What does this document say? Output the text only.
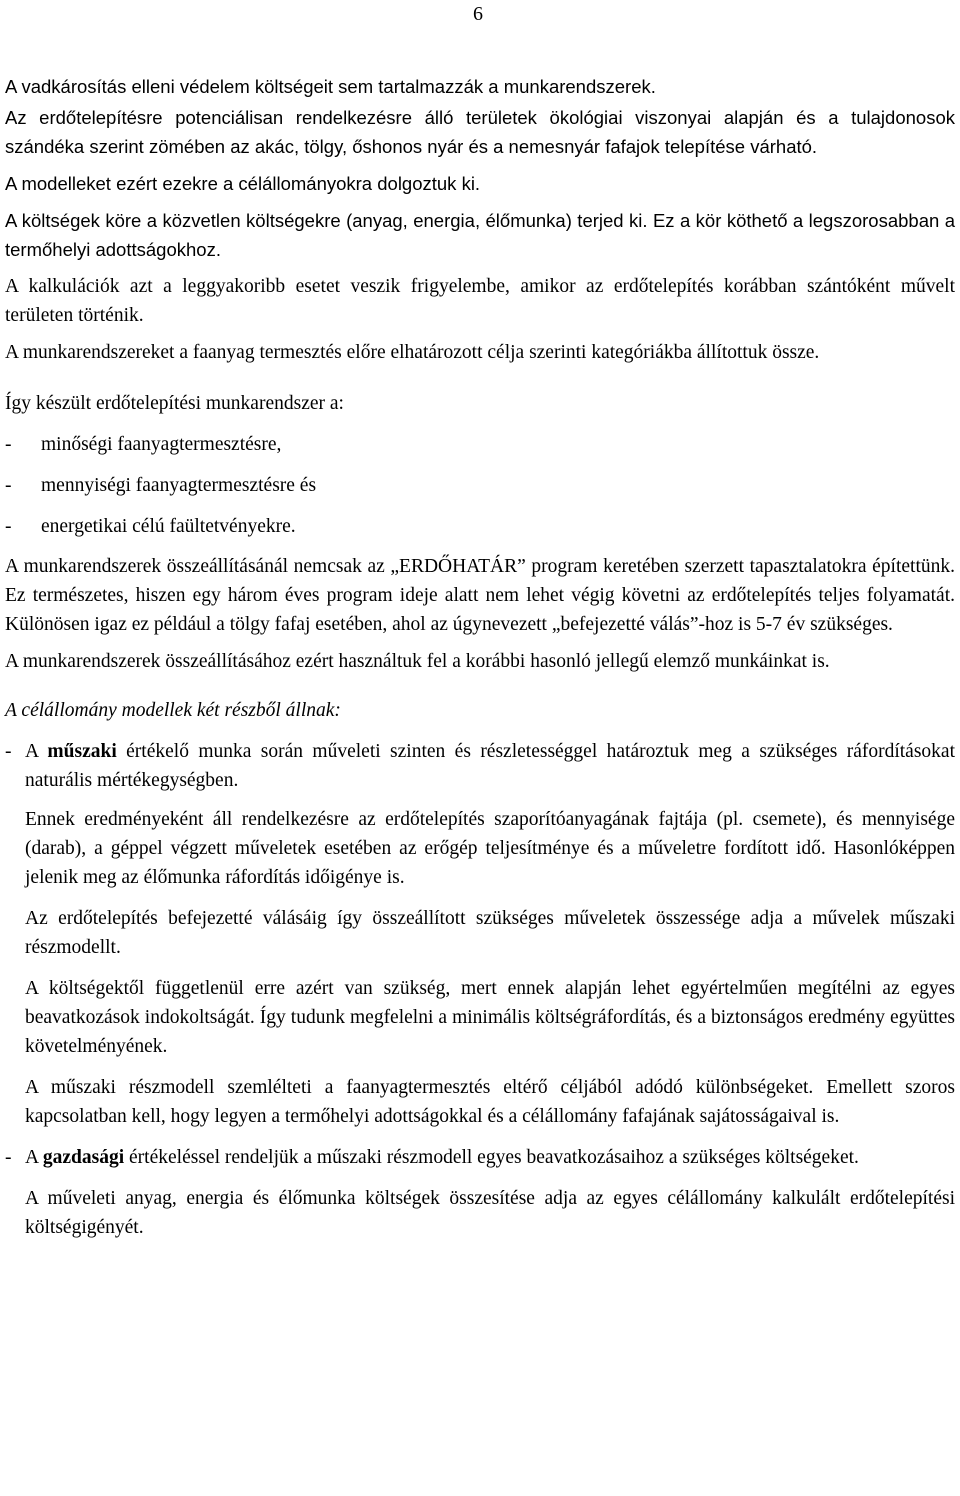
6

A vadkárosítás elleni védelem költségeit sem tartalmazzák a munkarendszerek.

Az erdőtelepítésre potenciálisan rendelkezésre álló területek ökológiai viszonyai alapján és a tulajdonosok szándéka szerint zömében az akác, tölgy, őshonos nyár és a nemesnyár fafajok telepítése várható.

A modelleket ezért ezekre a célállományokra dolgoztuk ki.

A költségek köre a közvetlen költségekre (anyag, energia, élőmunka) terjed ki. Ez a kör köthető a legszorosabban a termőhelyi adottságokhoz.

A kalkulációk azt a leggyakoribb esetet veszik frigyelembe, amikor az erdőtelepítés korábban szántóként művelt területen történik.

A munkarendszereket a faanyag termesztés előre elhatározott célja szerinti kategóriákba állítottuk össze.

Így készült erdőtelepítési munkarendszer a:

-	minőségi faanyagtermesztésre,
-	mennyiségi faanyagtermesztésre és
-	energetikai célú faültetvényekre.

A munkarendszerek összeállításánál nemcsak az „ERDŐHATÁR” program keretében szerzett tapasztalatokra építettünk. Ez természetes, hiszen egy három éves program ideje alatt nem lehet végig követni az erdőtelepítés teljes folyamatát. Különösen igaz ez például a tölgy fafaj esetében, ahol az úgynevezett „befejezetté válás”-hoz is 5-7 év szükséges.

A munkarendszerek összeállításához ezért használtuk fel a korábbi hasonló jellegű elemző munkáinkat is.

A célállomány modellek két részből állnak:

- A műszaki értékelő munka során műveleti szinten és részletességgel határoztuk meg a szükséges ráfordításokat naturális mértékegységben.

Ennek eredményeként áll rendelkezésre az erdőtelepítés szaporítóanyagának fajtája (pl. csemete), és mennyisége (darab), a géppel végzett műveletek esetében az erőgép teljesítménye és a műveletre fordított idő. Hasonlóképpen jelenik meg az élőmunka ráfordítás időigénye is.

Az erdőtelepítés befejezetté válásáig így összeállított szükséges műveletek összessége adja a művelek műszaki részmodellt.

A költségektől függetlenül erre azért van szükség, mert ennek alapján lehet egyértelműen megítélni az egyes beavatkozások indokoltságát. Így tudunk megfelelni a minimális költségráfordítás, és a biztonságos eredmény együttes követelményének.

A műszaki részmodell szemlélteti a faanyagtermesztés eltérő céljából adódó különbségeket. Emellett szoros kapcsolatban kell, hogy legyen a termőhelyi adottságokkal és a célállomány fafajának sajátosságaival is.

- A gazdasági értékeléssel rendeljük a műszaki részmodell egyes beavatkozásaihoz a szükséges költségeket.

A műveleti anyag, energia és élőmunka költségek összesítése adja az egyes célállomány kalkulált erdőtelepítési költségigényét.
